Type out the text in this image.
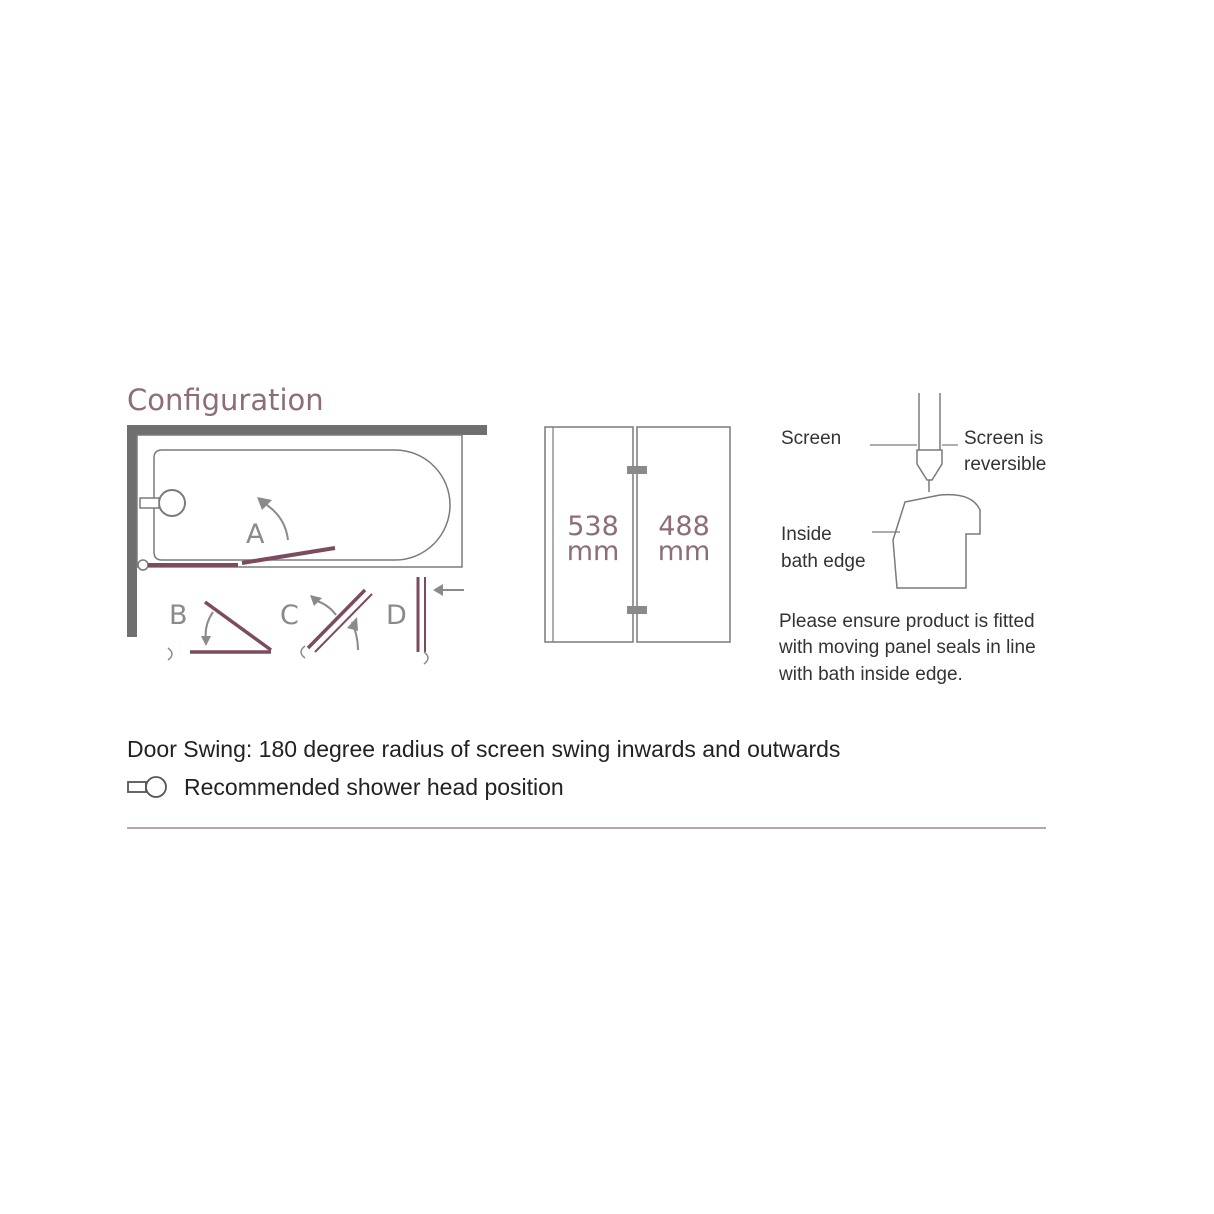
Configuration
A
B	C	D
538
mm
488
mm
Screen	Screen is
reversible
Inside
bath edge
Please ensure product is fitted
with moving panel seals in line
with bath inside edge.
Door Swing: 180 degree radius of screen swing inwards and outwards
Recommended shower head position
